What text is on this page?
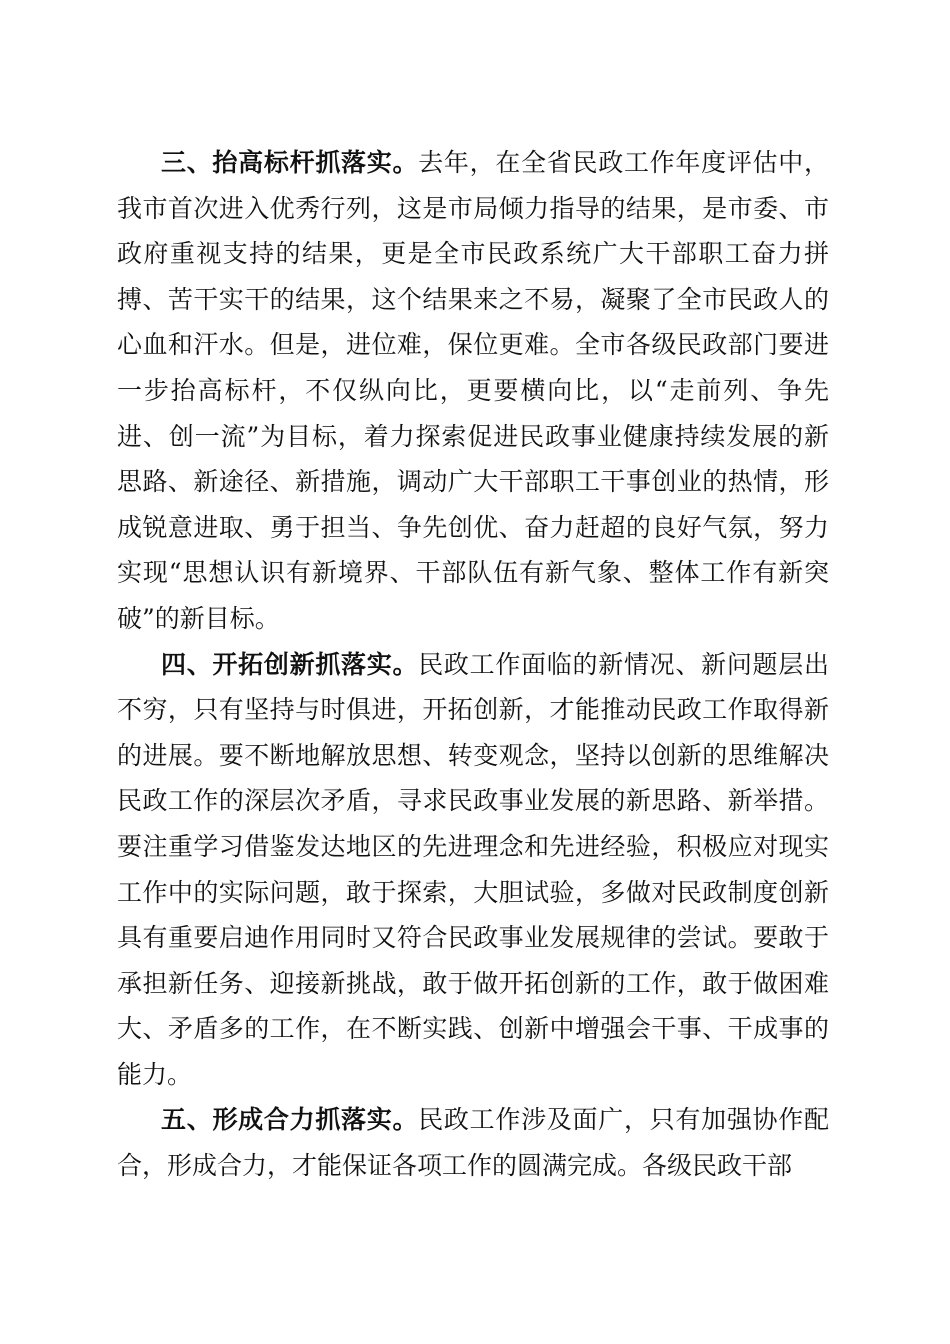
三、抬高标杆抓落实。去年，在全省民政工作年度评估中，我市首次进入优秀行列，这是市局倾力指导的结果，是市委、市政府重视支持的结果，更是全市民政系统广大干部职工奋力拼搏、苦干实干的结果，这个结果来之不易，凝聚了全市民政人的心血和汗水。但是，进位难，保位更难。全市各级民政部门要进一步抬高标杆，不仅纵向比，更要横向比，以“走前列、争先进、创一流”为目标，着力探索促进民政事业健康持续发展的新思路、新途径、新措施，调动广大干部职工干事创业的热情，形成锐意进取、勇于担当、争先创优、奋力赶超的良好气氛，努力实现“思想认识有新境界、干部队伍有新气象、整体工作有新突破”的新目标。

四、开拓创新抓落实。民政工作面临的新情况、新问题层出不穷，只有坚持与时俱进，开拓创新，才能推动民政工作取得新的进展。要不断地解放思想、转变观念，坚持以创新的思维解决民政工作的深层次矛盾，寻求民政事业发展的新思路、新举措。要注重学习借鉴发达地区的先进理念和先进经验，积极应对现实工作中的实际问题，敢于探索，大胆试验，多做对民政制度创新具有重要启迪作用同时又符合民政事业发展规律的尝试。要敢于承担新任务、迎接新挑战，敢于做开拓创新的工作，敢于做困难大、矛盾多的工作，在不断实践、创新中增强会干事、干成事的能力。

五、形成合力抓落实。民政工作涉及面广，只有加强协作配合，形成合力，才能保证各项工作的圆满完成。各级民政干部
